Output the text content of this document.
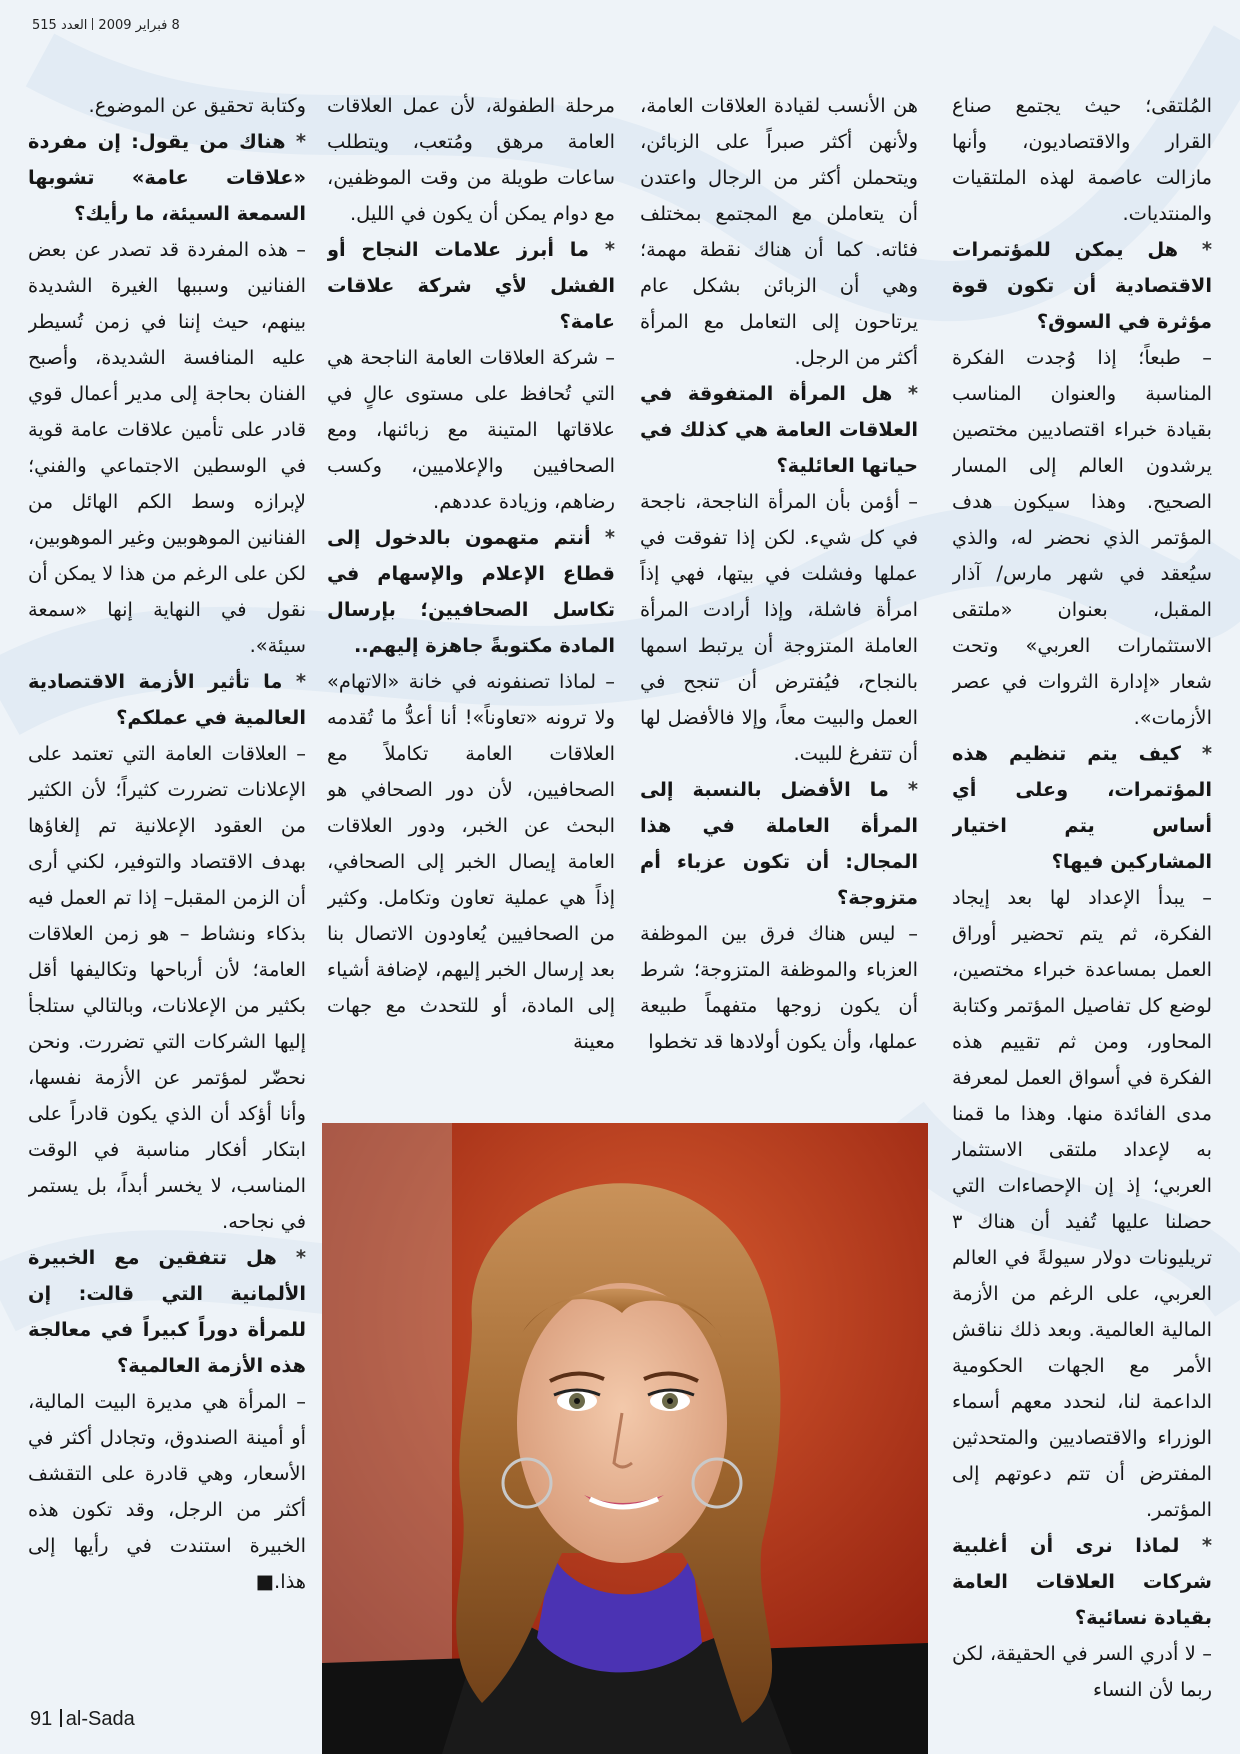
8 فبراير 2009العدد 515

المُلتقى؛ حيث يجتمع صناع القرار والاقتصاديون، وأنها مازالت عاصمة لهذه الملتقيات والمنتديات.

* هل يمكن للمؤتمرات الاقتصادية أن تكون قوة مؤثرة في السوق؟

– طبعاً؛ إذا وُجدت الفكرة المناسبة والعنوان المناسب بقيادة خبراء اقتصاديين مختصين يرشدون العالم إلى المسار الصحيح. وهذا سيكون هدف المؤتمر الذي نحضر له، والذي سيُعقد في شهر مارس/ آذار المقبل، بعنوان «ملتقى الاستثمارات العربي» وتحت شعار «إدارة الثروات في عصر الأزمات».

* كيف يتم تنظيم هذه المؤتمرات، وعلى أي أساس يتم اختيار المشاركين فيها؟

– يبدأ الإعداد لها بعد إيجاد الفكرة، ثم يتم تحضير أوراق العمل بمساعدة خبراء مختصين، لوضع كل تفاصيل المؤتمر وكتابة المحاور، ومن ثم تقييم هذه الفكرة في أسواق العمل لمعرفة مدى الفائدة منها. وهذا ما قمنا به لإعداد ملتقى الاستثمار العربي؛ إذ إن الإحصاءات التي حصلنا عليها تُفيد أن هناك ٣ تريليونات دولار سيولةً في العالم العربي، على الرغم من الأزمة المالية العالمية. وبعد ذلك نناقش الأمر مع الجهات الحكومية الداعمة لنا، لنحدد معهم أسماء الوزراء والاقتصاديين والمتحدثين المفترض أن تتم دعوتهم إلى المؤتمر.

* لماذا نرى أن أغلبية شركات العلاقات العامة بقيادة نسائية؟

– لا أدري السر في الحقيقة، لكن ربما لأن النساء

هن الأنسب لقيادة العلاقات العامة، ولأنهن أكثر صبراً على الزبائن، ويتحملن أكثر من الرجال واعتدن أن يتعاملن مع المجتمع بمختلف فئاته. كما أن هناك نقطة مهمة؛ وهي أن الزبائن بشكل عام يرتاحون إلى التعامل مع المرأة أكثر من الرجل.

* هل المرأة المتفوقة في العلاقات العامة هي كذلك في حياتها العائلية؟

– أؤمن بأن المرأة الناجحة، ناجحة في كل شيء. لكن إذا تفوقت في عملها وفشلت في بيتها، فهي إذاً امرأة فاشلة، وإذا أرادت المرأة العاملة المتزوجة أن يرتبط اسمها بالنجاح، فيُفترض أن تنجح في العمل والبيت معاً، وإلا فالأفضل لها أن تتفرغ للبيت.

* ما الأفضل بالنسبة إلى المرأة العاملة في هذا المجال: أن تكون عزباء أم متزوجة؟

– ليس هناك فرق بين الموظفة العزباء والموظفة المتزوجة؛ شرط أن يكون زوجها متفهماً طبيعة عملها، وأن يكون أولادها قد تخطوا

مرحلة الطفولة، لأن عمل العلاقات العامة مرهق ومُتعب، ويتطلب ساعات طويلة من وقت الموظفين، مع دوام يمكن أن يكون في الليل.

* ما أبرز علامات النجاح أو الفشل لأي شركة علاقات عامة؟

– شركة العلاقات العامة الناجحة هي التي تُحافظ على مستوى عالٍ في علاقاتها المتينة مع زبائنها، ومع الصحافيين والإعلاميين، وكسب رضاهم، وزيادة عددهم.

* أنتم متهمون بالدخول إلى قطاع الإعلام والإسهام في تكاسل الصحافيين؛ بإرسال المادة مكتوبةً جاهزة إليهم..

– لماذا تصنفونه في خانة «الاتهام» ولا ترونه «تعاوناً»! أنا أعدُّ ما تُقدمه العلاقات العامة تكاملاً مع الصحافيين، لأن دور الصحافي هو البحث عن الخبر، ودور العلاقات العامة إيصال الخبر إلى الصحافي، إذاً هي عملية تعاون وتكامل. وكثير من الصحافيين يُعاودون الاتصال بنا بعد إرسال الخبر إليهم، لإضافة أشياء إلى المادة، أو للتحدث مع جهات معينة

وكتابة تحقيق عن الموضوع.

* هناك من يقول: إن مفردة «علاقات عامة» تشوبها السمعة السيئة، ما رأيك؟

– هذه المفردة قد تصدر عن بعض الفنانين وسببها الغيرة الشديدة بينهم، حيث إننا في زمن تُسيطر عليه المنافسة الشديدة، وأصبح الفنان بحاجة إلى مدير أعمال قوي قادر على تأمين علاقات عامة قوية في الوسطين الاجتماعي والفني؛ لإبرازه وسط الكم الهائل من الفنانين الموهوبين وغير الموهوبين، لكن على الرغم من هذا لا يمكن أن نقول في النهاية إنها «سمعة سيئة».

* ما تأثير الأزمة الاقتصادية العالمية في عملكم؟

– العلاقات العامة التي تعتمد على الإعلانات تضررت كثيراً؛ لأن الكثير من العقود الإعلانية تم إلغاؤها بهدف الاقتصاد والتوفير، لكني أرى أن الزمن المقبل– إذا تم العمل فيه بذكاء ونشاط – هو زمن العلاقات العامة؛ لأن أرباحها وتكاليفها أقل بكثير من الإعلانات، وبالتالي ستلجأ إليها الشركات التي تضررت. ونحن نحضّر لمؤتمر عن الأزمة نفسها، وأنا أؤكد أن الذي يكون قادراً على ابتكار أفكار مناسبة في الوقت المناسب، لا يخسر أبداً، بل يستمر في نجاحه.

* هل تتفقين مع الخبيرة الألمانية التي قالت: إن للمرأة دوراً كبيراً في معالجة هذه الأزمة العالمية؟

– المرأة هي مديرة البيت المالية، أو أمينة الصندوق، وتجادل أكثر في الأسعار، وهي قادرة على التقشف أكثر من الرجل، وقد تكون هذه الخبيرة استندت في رأيها إلى هذا.■

91 al-Sada
